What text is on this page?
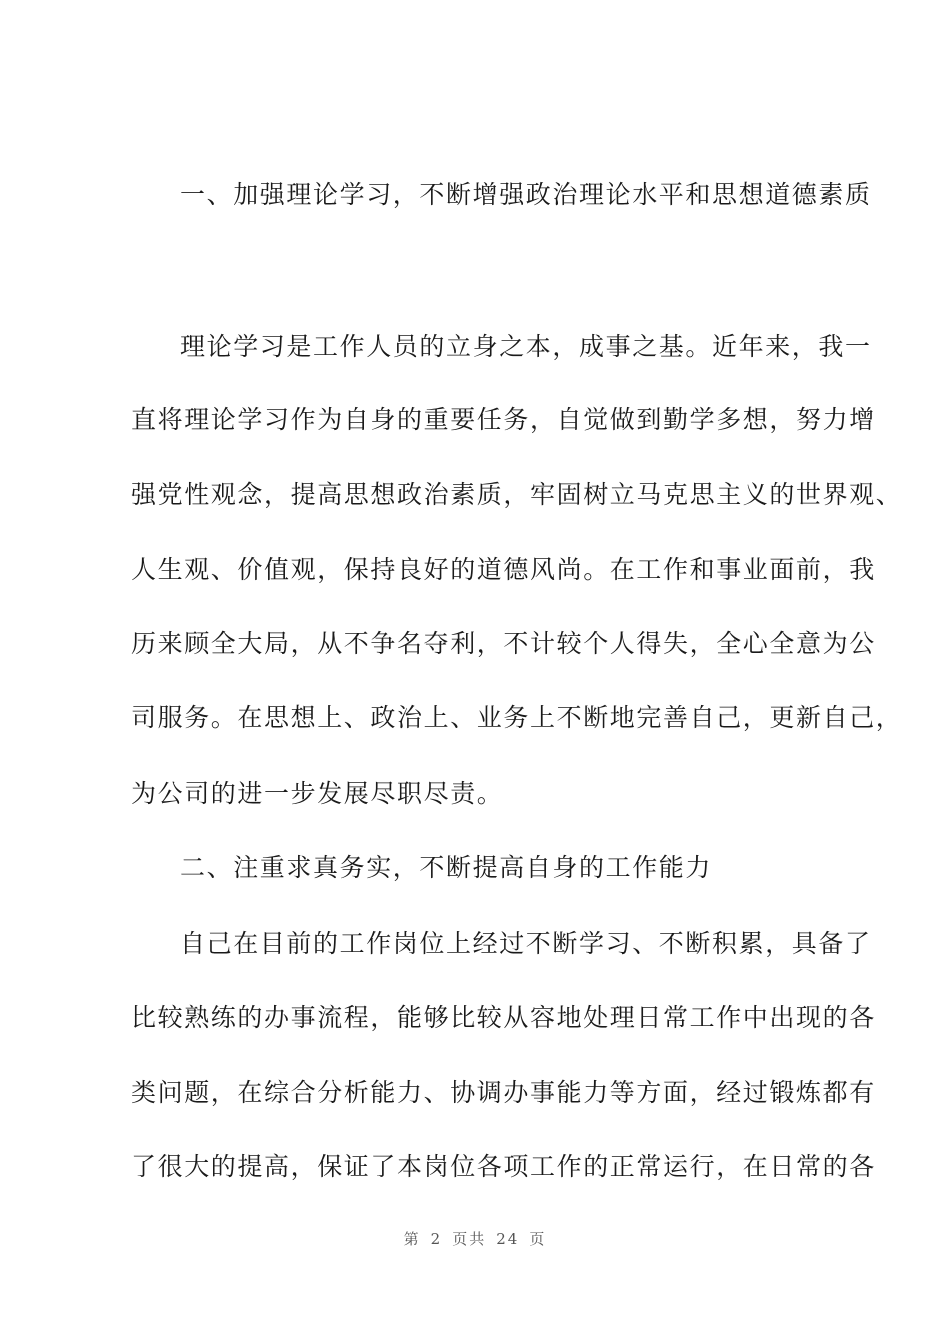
一、加强理论学习，不断增强政治理论水平和思想道德素质
理论学习是工作人员的立身之本，成事之基。近年来，我一
直将理论学习作为自身的重要任务，自觉做到勤学多想，努力增
强党性观念，提高思想政治素质，牢固树立马克思主义的世界观、
人生观、价值观，保持良好的道德风尚。在工作和事业面前，我
历来顾全大局，从不争名夺利，不计较个人得失，全心全意为公
司服务。在思想上、政治上、业务上不断地完善自己，更新自己，
为公司的进一步发展尽职尽责。
二、注重求真务实，不断提高自身的工作能力
自己在目前的工作岗位上经过不断学习、不断积累，具备了
比较熟练的办事流程，能够比较从容地处理日常工作中出现的各
类问题，在综合分析能力、协调办事能力等方面，经过锻炼都有
了很大的提高，保证了本岗位各项工作的正常运行，在日常的各
第 2 页共 24 页
